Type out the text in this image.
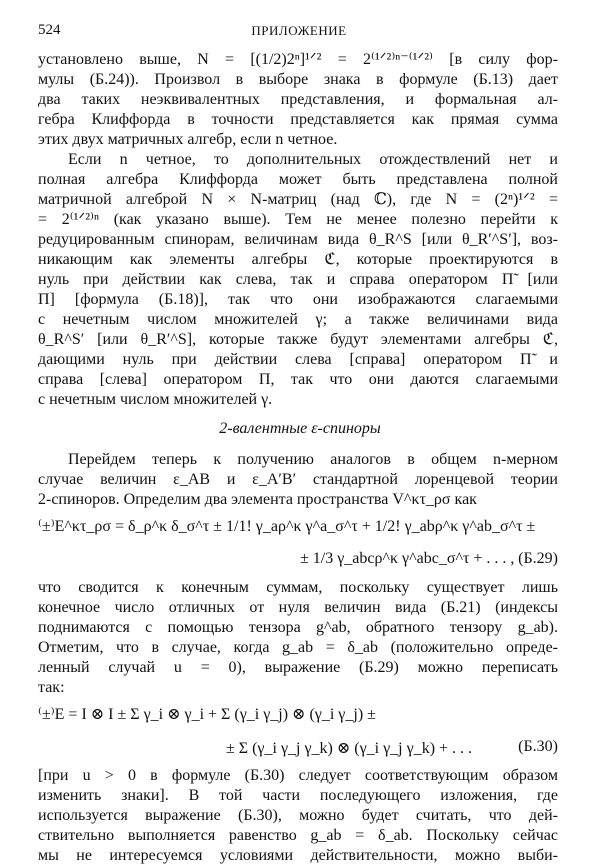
524	ПРИЛОЖЕНИЕ
установлено выше, N = [(1/2)2ⁿ]¹ᐟ² = 2⁽¹ᐟ²⁾ⁿ⁻⁽¹ᐟ²⁾ [в силу фор-
мулы (Б.24)). Произвол в выборе знака в формуле (Б.13) дает
два таких неэквивалентных представления, и формальная ал-
гебра Клиффорда в точности представляется как прямая сумма
этих двух матричных алгебр, если n четное.
Если n четное, то дополнительных отождествлений нет и
полная алгебра Клиффорда может быть представлена полной
матричной алгеброй N × N-матриц (над ℂ), где N = (2ⁿ)¹ᐟ² =
= 2⁽¹ᐟ²⁾ⁿ (как указано выше). Тем не менее полезно перейти к
редуцированным спинорам, величинам вида θ_R^S [или θ_R′^S′], воз-
никающим как элементы алгебры ℭ, которые проектируются в
нуль при действии как слева, так и справа оператором Π̃ [или
Π] [формула (Б.18)], так что они изображаются слагаемыми
с нечетным числом множителей γ; а также величинами вида
θ_R^S′ [или θ_R′^S], которые также будут элементами алгебры ℭ,
дающими нуль при действии слева [справа] оператором Π̃ и
справа [слева] оператором Π, так что они даются слагаемыми
с нечетным числом множителей γ.
2-валентные ε-спиноры
Перейдем теперь к получению аналогов в общем n-мерном
случае величин ε_AB и ε_A′B′ стандартной лоренцевой теории
2-спиноров. Определим два элемента пространства V^κτ_ρσ как
⁽±⁾E^κτ_ρσ = δ_ρ^κ δ_σ^τ ± 1/1! γ_aρ^κ γ^a_σ^τ + 1/2! γ_abρ^κ γ^ab_σ^τ ±
± 1/3 γ_abcρ^κ γ^abc_σ^τ + . . . , (Б.29)
что сводится к конечным суммам, поскольку существует лишь
конечное число отличных от нуля величин вида (Б.21) (индексы
поднимаются с помощью тензора g^ab, обратного тензору g_ab).
Отметим, что в случае, когда g_ab = δ_ab (положительно опреде-
ленный случай u = 0), выражение (Б.29) можно переписать
так:
⁽±⁾E = I ⊗ I ± Σ γ_i ⊗ γ_i + Σ (γ_i γ_j) ⊗ (γ_i γ_j) ±
± Σ (γ_i γ_j γ_k) ⊗ (γ_i γ_j γ_k) + . . .	(Б.30)
[при u > 0 в формуле (Б.30) следует соответствующим образом
изменить знаки]. В той части последующего изложения, где
используется выражение (Б.30), можно будет считать, что дей-
ствительно выполняется равенство g_ab = δ_ab. Поскольку сейчас
мы не интересуемся условиями действительности, можно выби-
